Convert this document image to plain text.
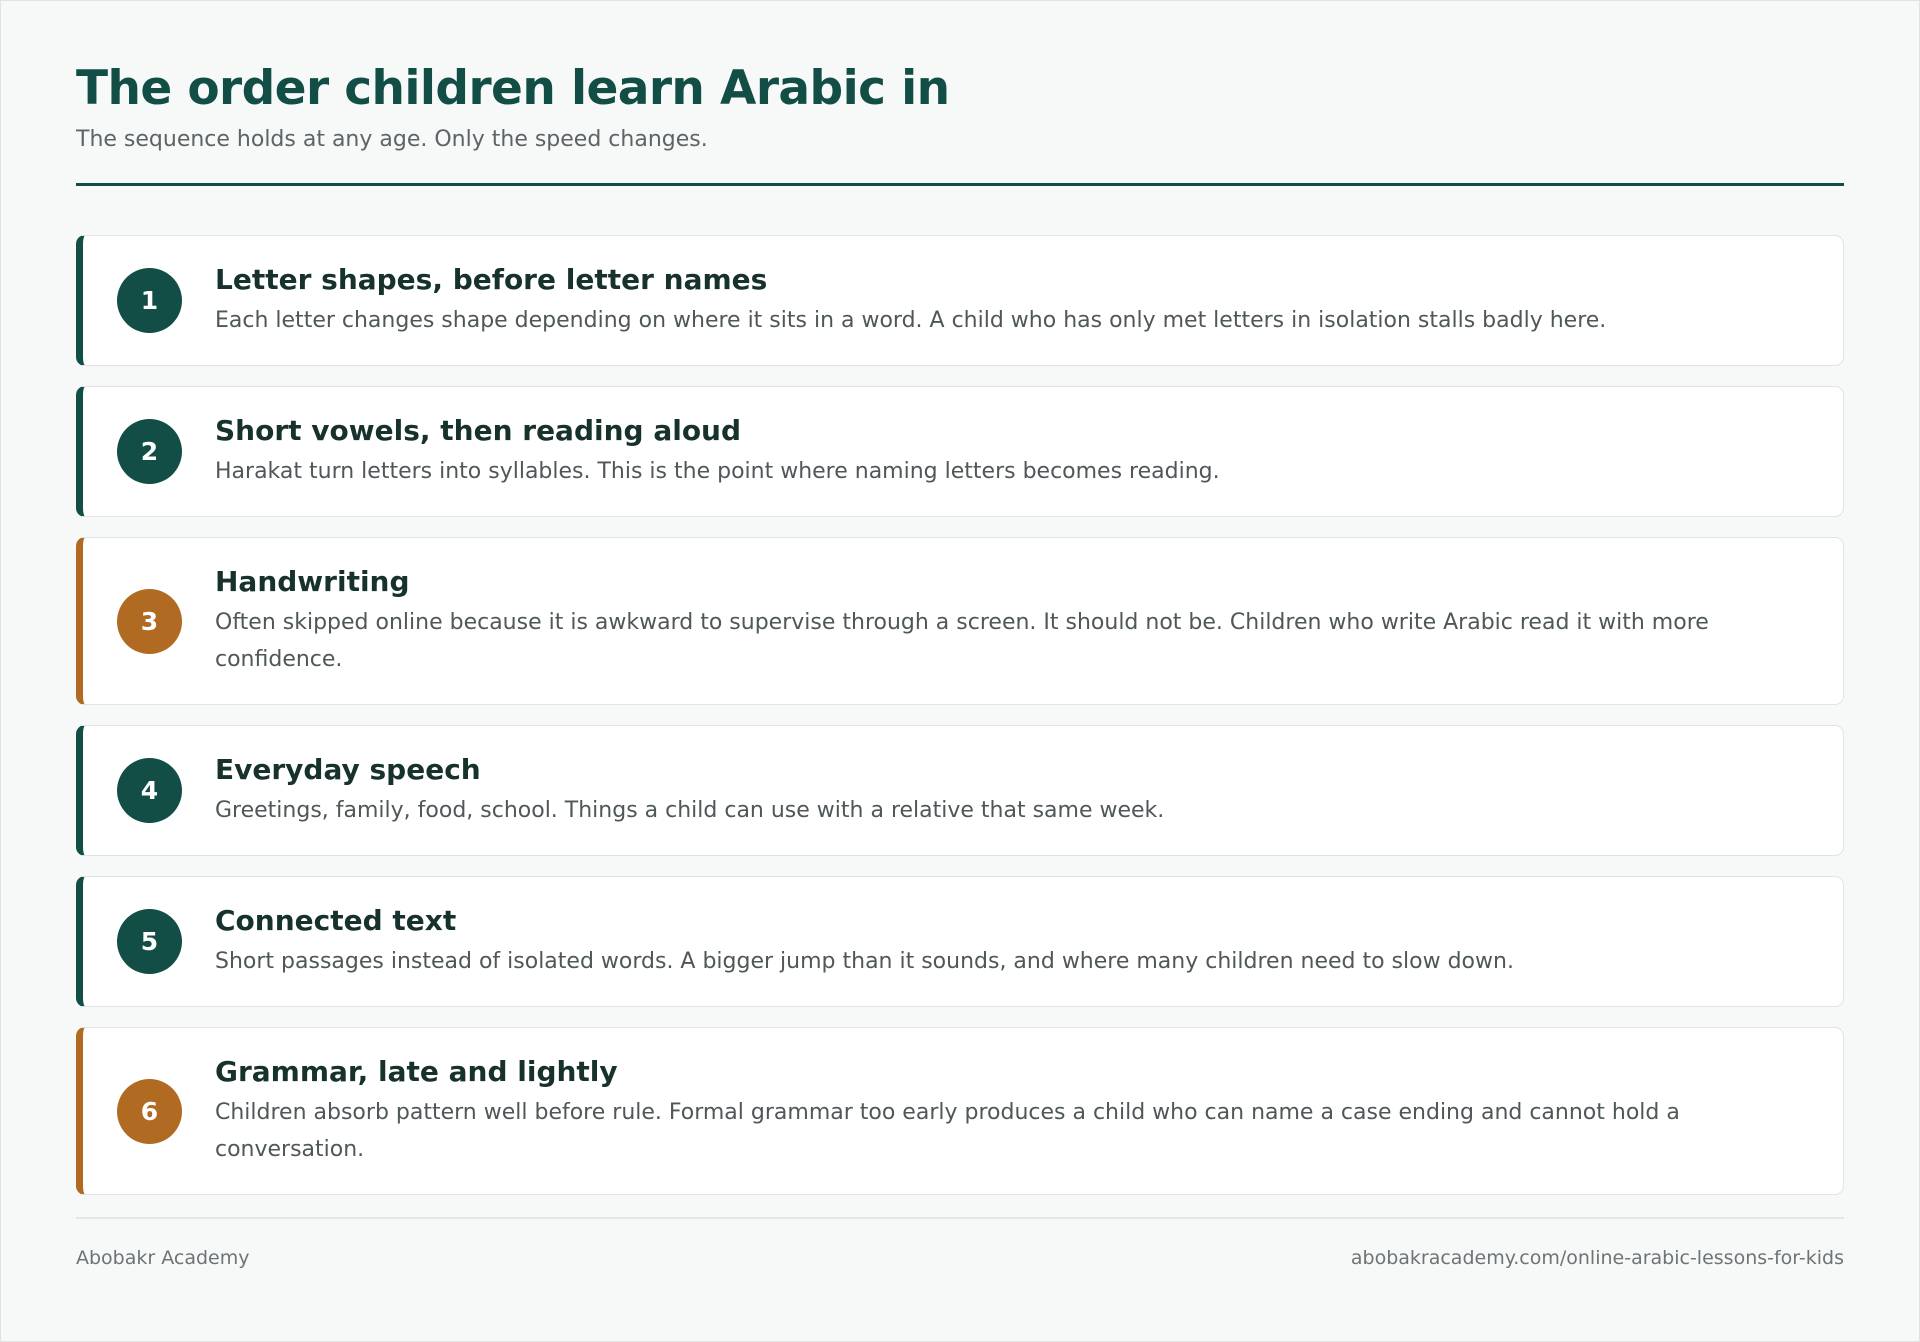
The order children learn Arabic in
The sequence holds at any age. Only the speed changes.
1
Letter shapes, before letter names
Each letter changes shape depending on where it sits in a word. A child who has only met letters in isolation stalls badly here.
2
Short vowels, then reading aloud
Harakat turn letters into syllables. This is the point where naming letters becomes reading.
3
Handwriting
Often skipped online because it is awkward to supervise through a screen. It should not be. Children who write Arabic read it with more confidence.
4
Everyday speech
Greetings, family, food, school. Things a child can use with a relative that same week.
5
Connected text
Short passages instead of isolated words. A bigger jump than it sounds, and where many children need to slow down.
6
Grammar, late and lightly
Children absorb pattern well before rule. Formal grammar too early produces a child who can name a case ending and cannot hold a conversation.
Abobakr Academy	abobakracademy.com/online-arabic-lessons-for-kids
